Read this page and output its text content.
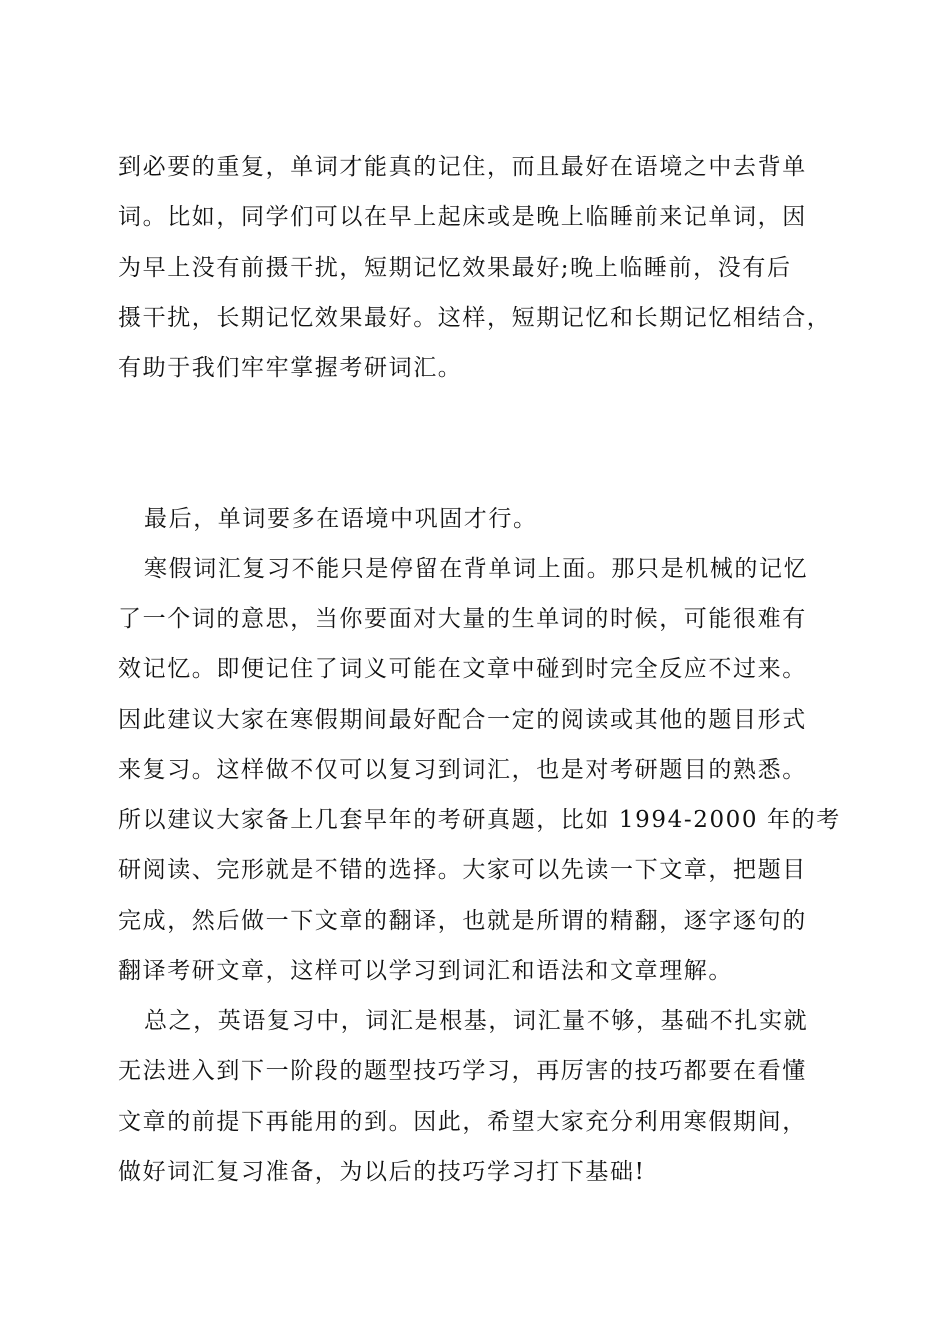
到必要的重复，单词才能真的记住，而且最好在语境之中去背单
词。比如，同学们可以在早上起床或是晚上临睡前来记单词，因
为早上没有前摄干扰，短期记忆效果最好;晚上临睡前，没有后
摄干扰，长期记忆效果最好。这样，短期记忆和长期记忆相结合，
有助于我们牢牢掌握考研词汇。
最后，单词要多在语境中巩固才行。
寒假词汇复习不能只是停留在背单词上面。那只是机械的记忆
了一个词的意思，当你要面对大量的生单词的时候，可能很难有
效记忆。即便记住了词义可能在文章中碰到时完全反应不过来。
因此建议大家在寒假期间最好配合一定的阅读或其他的题目形式
来复习。这样做不仅可以复习到词汇，也是对考研题目的熟悉。
所以建议大家备上几套早年的考研真题，比如 1994-2000 年的考
研阅读、完形就是不错的选择。大家可以先读一下文章，把题目
完成，然后做一下文章的翻译，也就是所谓的精翻，逐字逐句的
翻译考研文章，这样可以学习到词汇和语法和文章理解。
总之，英语复习中，词汇是根基，词汇量不够，基础不扎实就
无法进入到下一阶段的题型技巧学习，再厉害的技巧都要在看懂
文章的前提下再能用的到。因此，希望大家充分利用寒假期间，
做好词汇复习准备，为以后的技巧学习打下基础!
